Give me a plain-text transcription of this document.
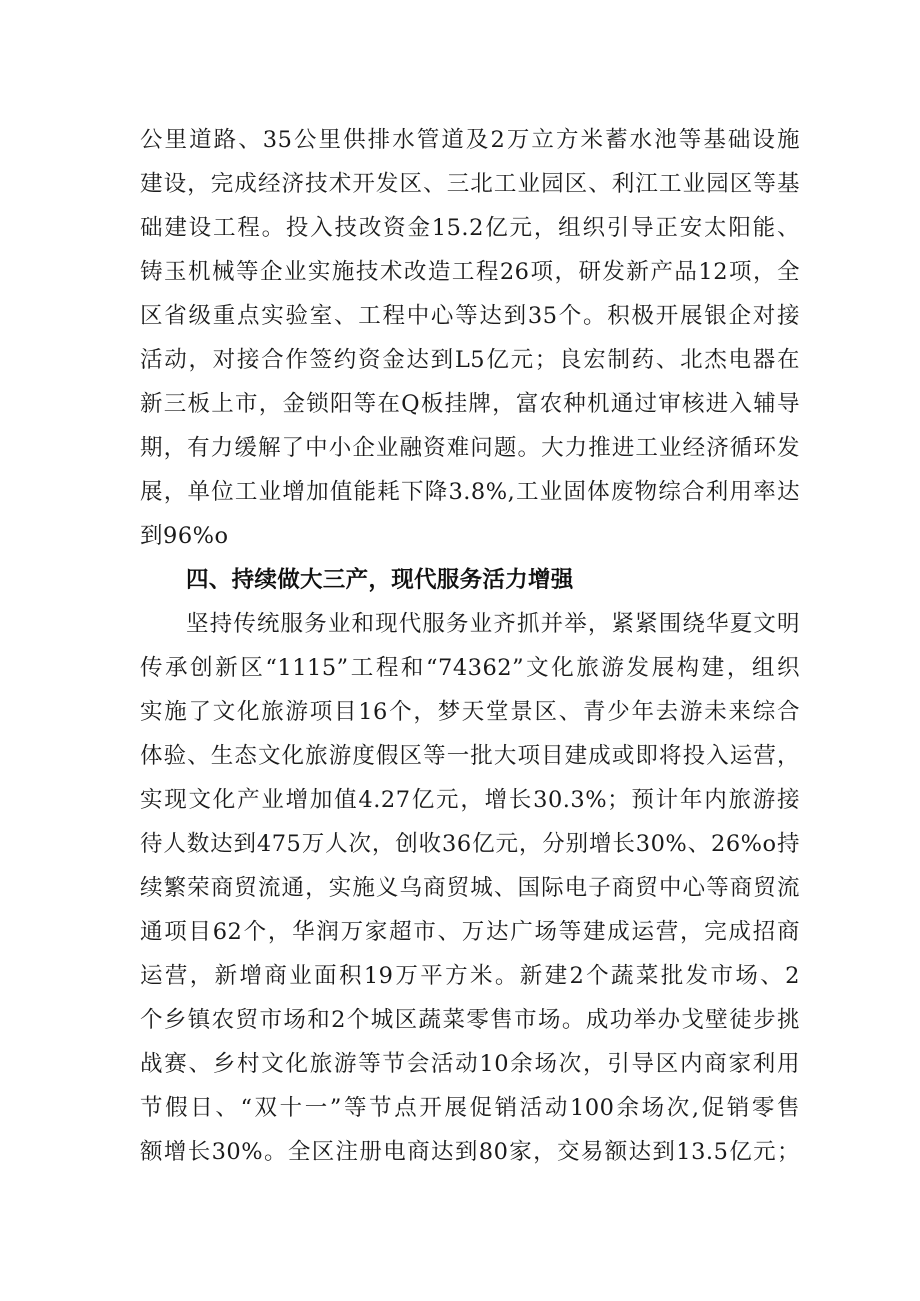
公里道路、35公里供排水管道及2万立方米蓄水池等基础设施
建设，完成经济技术开发区、三北工业园区、利江工业园区等基
础建设工程。投入技改资金15.2亿元，组织引导正安太阳能、
铸玉机械等企业实施技术改造工程26项，研发新产品12项，全
区省级重点实验室、工程中心等达到35个。积极开展银企对接
活动，对接合作签约资金达到L5亿元；良宏制药、北杰电器在
新三板上市，金锁阳等在Q板挂牌，富农种机通过审核进入辅导
期，有力缓解了中小企业融资难问题。大力推进工业经济循环发
展，单位工业增加值能耗下降3.8%,工业固体废物综合利用率达
到96%o
四、持续做大三产，现代服务活力增强
坚持传统服务业和现代服务业齐抓并举，紧紧围绕华夏文明
传承创新区“1115”工程和“74362”文化旅游发展构建，组织
实施了文化旅游项目16个，梦天堂景区、青少年去游未来综合
体验、生态文化旅游度假区等一批大项目建成或即将投入运营，
实现文化产业增加值4.27亿元，增长30.3%；预计年内旅游接
待人数达到475万人次，创收36亿元，分别增长30%、26%o持
续繁荣商贸流通，实施义乌商贸城、国际电子商贸中心等商贸流
通项目62个，华润万家超市、万达广场等建成运营，完成招商
运营，新增商业面积19万平方米。新建2个蔬菜批发市场、2
个乡镇农贸市场和2个城区蔬菜零售市场。成功举办戈壁徒步挑
战赛、乡村文化旅游等节会活动10余场次，引导区内商家利用
节假日、“双十一”等节点开展促销活动100余场次,促销零售
额增长30%。全区注册电商达到80家，交易额达到13.5亿元；
